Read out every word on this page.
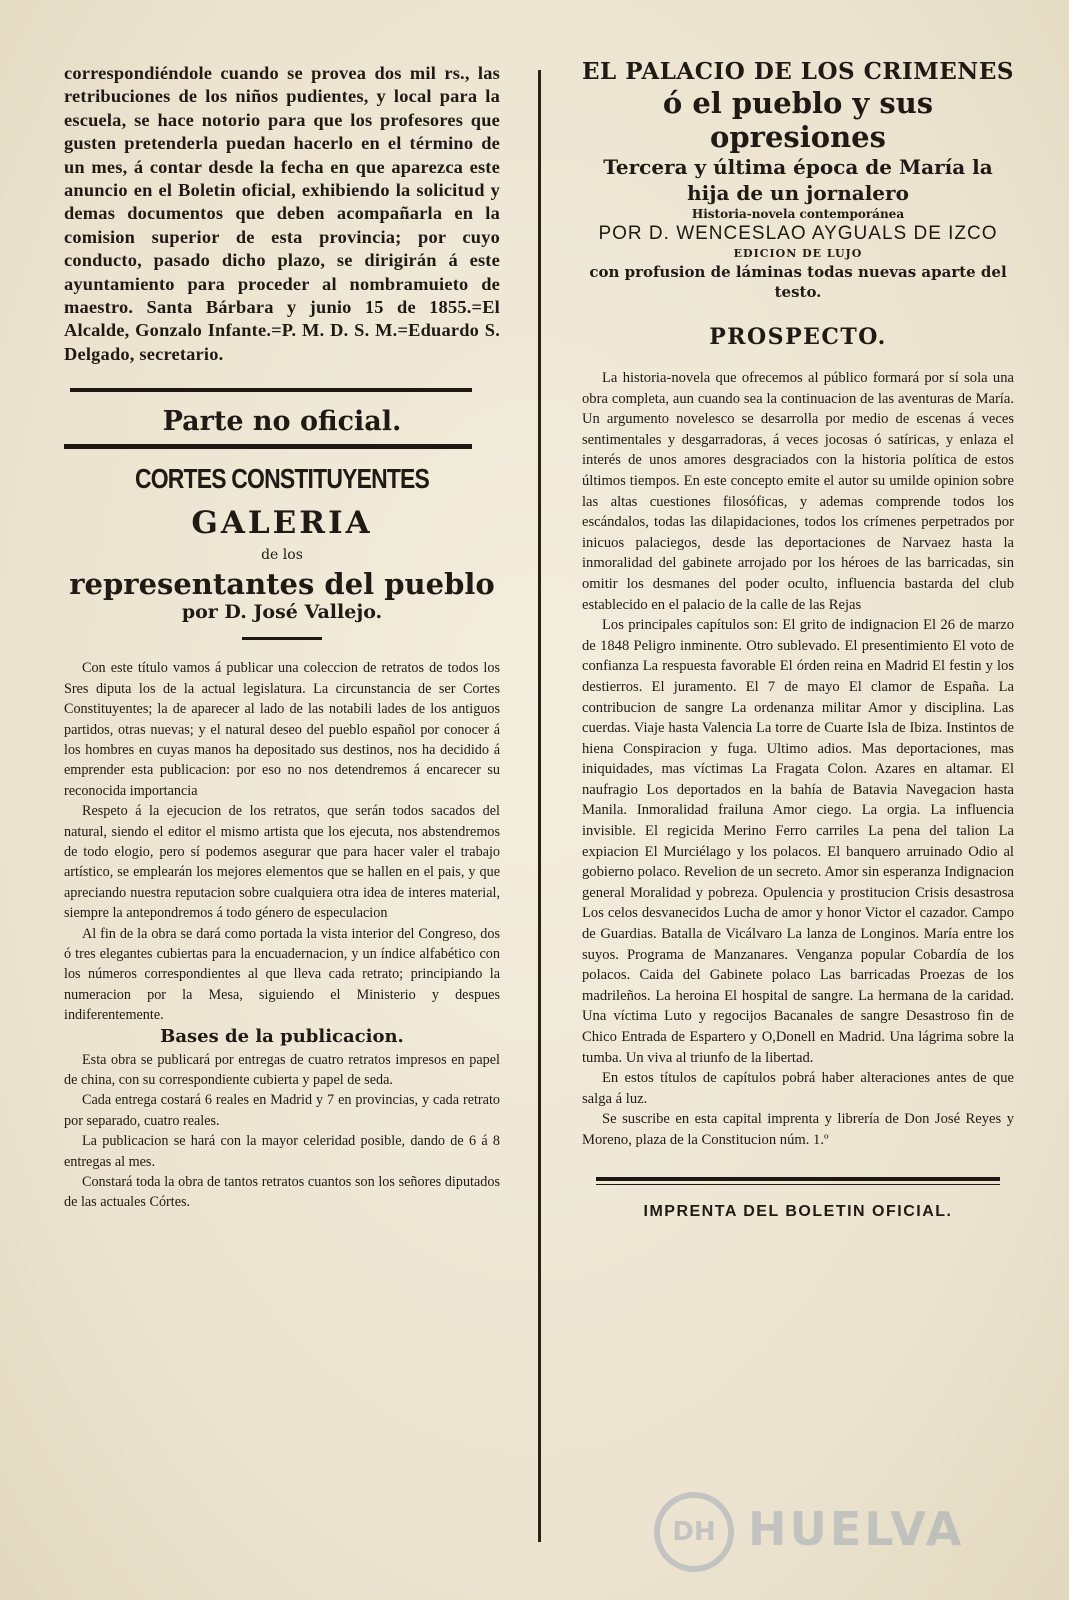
correspondiéndole cuando se provea dos mil rs., las retribuciones de los niños pudientes, y local para la escuela, se hace notorio para que los profesores que gusten pretenderla puedan hacerlo en el término de un mes, á contar desde la fecha en que aparezca este anuncio en el Boletin oficial, exhibiendo la solicitud y demas documentos que deben acompañarla en la comision superior de esta provincia; por cuyo conducto, pasado dicho plazo, se dirigirán á este ayuntamiento para proceder al nombramuieto de maestro. Santa Bárbara y junio 15 de 1855.=El Alcalde, Gonzalo Infante.=P. M. D. S. M.=Eduardo S. Delgado, secretario.

Parte no oficial.
CORTES CONSTITUYENTES
GALERIA
de los
representantes del pueblo
por D. José Vallejo.

Con este título vamos á publicar una coleccion de retratos de todos los Sres diputa los de la actual legislatura. La circunstancia de ser Cortes Constituyentes; la de aparecer al lado de las notabili lades de los antiguos partidos, otras nuevas; y el natural deseo del pueblo español por conocer á los hombres en cuyas manos ha depositado sus destinos, nos ha decidido á emprender esta publicacion: por eso no nos detendremos á encarecer su reconocida importancia

Respeto á la ejecucion de los retratos, que serán todos sacados del natural, siendo el editor el mismo artista que los ejecuta, nos abstendremos de todo elogio, pero sí podemos asegurar que para hacer valer el trabajo artístico, se emplearán los mejores elementos que se hallen en el pais, y que apreciando nuestra reputacion sobre cualquiera otra idea de interes material, siempre la antepondremos á todo género de especulacion

Al fin de la obra se dará como portada la vista interior del Congreso, dos ó tres elegantes cubiertas para la encuadernacion, y un índice alfabético con los números correspondientes al que lleva cada retrato; principiando la numeracion por la Mesa, siguiendo el Ministerio y despues indiferentemente.

Bases de la publicacion.

Esta obra se publicará por entregas de cuatro retratos impresos en papel de china, con su correspondiente cubierta y papel de seda.

Cada entrega costará 6 reales en Madrid y 7 en provincias, y cada retrato por separado, cuatro reales.

La publicacion se hará con la mayor celeridad posible, dando de 6 á 8 entregas al mes.

Constará toda la obra de tantos retratos cuantos son los señores diputados de las actuales Córtes.

EL PALACIO DE LOS CRIMENES
ó el pueblo y sus opresiones
Tercera y última época de María la hija de un jornalero
Historia-novela contemporánea
POR D. WENCESLAO AYGUALS DE IZCO
EDICION DE LUJO
con profusion de láminas todas nuevas aparte del testo.
PROSPECTO.

La historia-novela que ofrecemos al público formará por sí sola una obra completa, aun cuando sea la continuacion de las aventuras de María. Un argumento novelesco se desarrolla por medio de escenas á veces sentimentales y desgarradoras, á veces jocosas ó satíricas, y enlaza el interés de unos amores desgraciados con la historia política de estos últimos tiempos. En este concepto emite el autor su umilde opinion sobre las altas cuestiones filosóficas, y ademas comprende todos los escándalos, todas las dilapidaciones, todos los crímenes perpetrados por inicuos palaciegos, desde las deportaciones de Narvaez hasta la inmoralidad del gabinete arrojado por los héroes de las barricadas, sin omitir los desmanes del poder oculto, influencia bastarda del club establecido en el palacio de la calle de las Rejas

Los principales capítulos son: El grito de indignacion El 26 de marzo de 1848 Peligro inminente. Otro sublevado. El presentimiento El voto de confianza La respuesta favorable El órden reina en Madrid El festin y los destierros. El juramento. El 7 de mayo El clamor de España. La contribucion de sangre La ordenanza militar Amor y disciplina. Las cuerdas. Viaje hasta Valencia La torre de Cuarte Isla de Ibiza. Instintos de hiena Conspiracion y fuga. Ultimo adios. Mas deportaciones, mas iniquidades, mas víctimas La Fragata Colon. Azares en altamar. El naufragio Los deportados en la bahía de Batavia Navegacion hasta Manila. Inmoralidad frailuna Amor ciego. La orgia. La influencia invisible. El regicida Merino Ferro carriles La pena del talion La expiacion El Murciélago y los polacos. El banquero arruinado Odio al gobierno polaco. Revelion de un secreto. Amor sin esperanza Indignacion general Moralidad y pobreza. Opulencia y prostitucion Crisis desastrosa Los celos desvanecidos Lucha de amor y honor Victor el cazador. Campo de Guardias. Batalla de Vicálvaro La lanza de Longinos. María entre los suyos. Programa de Manzanares. Venganza popular Cobardía de los polacos. Caida del Gabinete polaco Las barricadas Proezas de los madrileños. La heroina El hospital de sangre. La hermana de la caridad. Una víctima Luto y regocijos Bacanales de sangre Desastroso fin de Chico Entrada de Espartero y O,Donell en Madrid. Una lágrima sobre la tumba. Un viva al triunfo de la libertad.

En estos títulos de capítulos pobrá haber alteraciones antes de que salga á luz.

Se suscribe en esta capital imprenta y librería de Don José Reyes y Moreno, plaza de la Constitucion núm. 1.º

IMPRENTA DEL BOLETIN OFICIAL.
DH HUELVA
